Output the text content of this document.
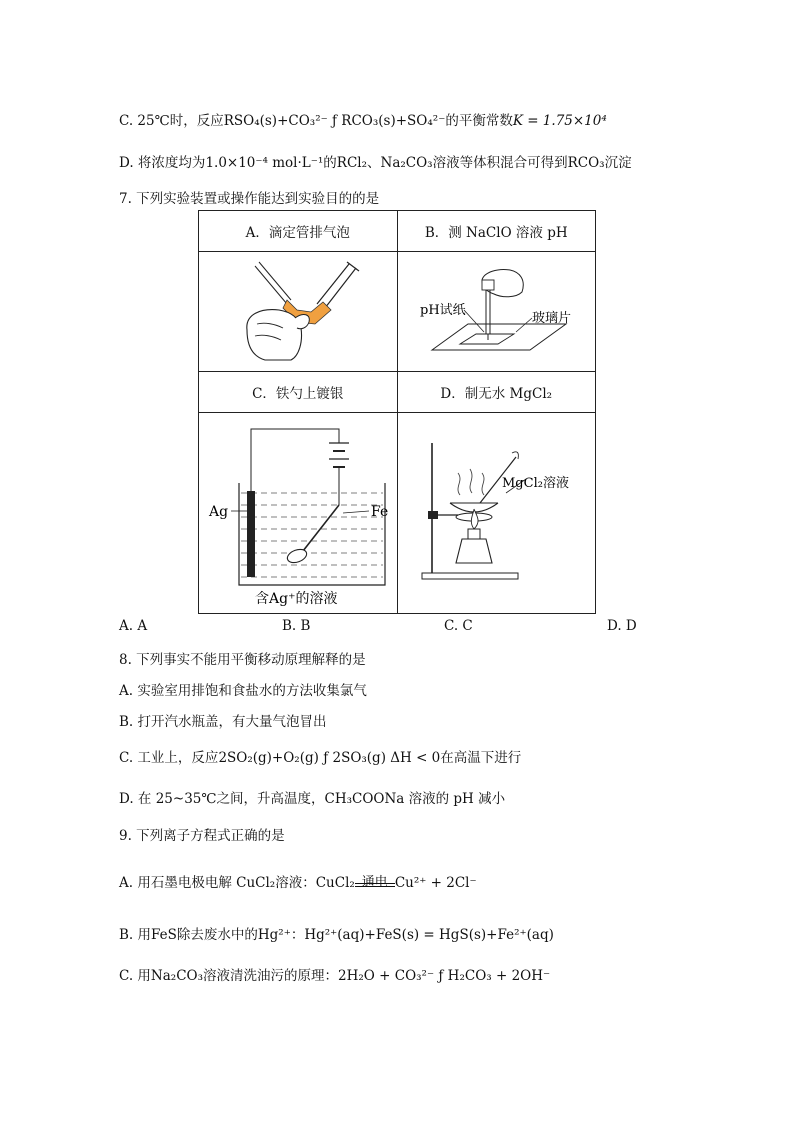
C. 25℃时，反应RSO₄(s)+CO₃²⁻ ƒ RCO₃(s)+SO₄²⁻的平衡常数K = 1.75×10⁴
D. 将浓度均为1.0×10⁻⁴ mol·L⁻¹的RCl₂、Na₂CO₃溶液等体积混合可得到RCO₃沉淀
7. 下列实验装置或操作能达到实验目的的是
A．滴定管排气泡	B．测 NaClO 溶液 pH

pH试纸
玻璃片

C．铁勺上镀银	D．制无水 MgCl₂

Ag Fe
含Ag⁺的溶液	MgCl₂溶液
A. A	B. B	C. C	D. D
8. 下列事实不能用平衡移动原理解释的是
A. 实验室用排饱和食盐水的方法收集氯气
B. 打开汽水瓶盖，有大量气泡冒出
C. 工业上，反应2SO₂(g)+O₂(g) ƒ 2SO₃(g) ΔH < 0在高温下进行
D. 在 25~35℃之间，升高温度，CH₃COONa 溶液的 pH 减小
9. 下列离子方程式正确的是
A. 用石墨电极电解 CuCl₂溶液：CuCl₂ 通电 Cu²⁺ + 2Cl⁻
B. 用FeS除去废水中的Hg²⁺：Hg²⁺(aq)+FeS(s) = HgS(s)+Fe²⁺(aq)
C. 用Na₂CO₃溶液清洗油污的原理：2H₂O + CO₃²⁻ ƒ H₂CO₃ + 2OH⁻
